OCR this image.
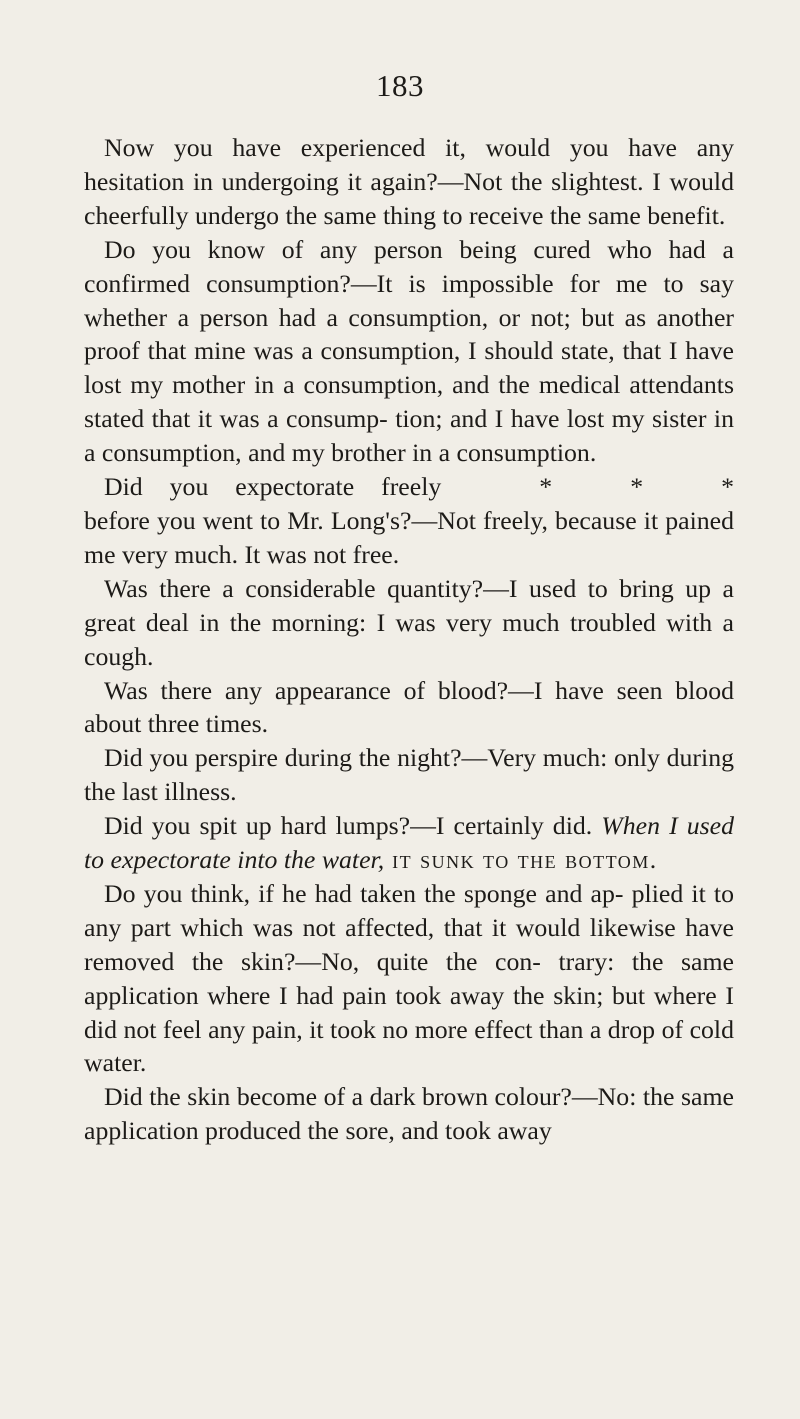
183

Now you have experienced it, would you have any hesitation in undergoing it again?—Not the slightest. I would cheerfully undergo the same thing to receive the same benefit.

Do you know of any person being cured who had a confirmed consumption?—It is impossible for me to say whether a person had a consumption, or not; but as another proof that mine was a consumption, I should state, that I have lost my mother in a consumption, and the medical attendants stated that it was a consump- tion; and I have lost my sister in a consumption, and my brother in a consumption.
*	*	*

Did you expectorate freely before you went to Mr. Long's?—Not freely, because it pained me very much. It was not free.

Was there a considerable quantity?—I used to bring up a great deal in the morning: I was very much troubled with a cough.

Was there any appearance of blood?—I have seen blood about three times.

Did you perspire during the night?—Very much: only during the last illness.

Did you spit up hard lumps?—I certainly did. When I used to expectorate into the water, it sunk to the bottom.

Do you think, if he had taken the sponge and ap- plied it to any part which was not affected, that it would likewise have removed the skin?—No, quite the con- trary: the same application where I had pain took away the skin; but where I did not feel any pain, it took no more effect than a drop of cold water.

Did the skin become of a dark brown colour?—No: the same application produced the sore, and took away
